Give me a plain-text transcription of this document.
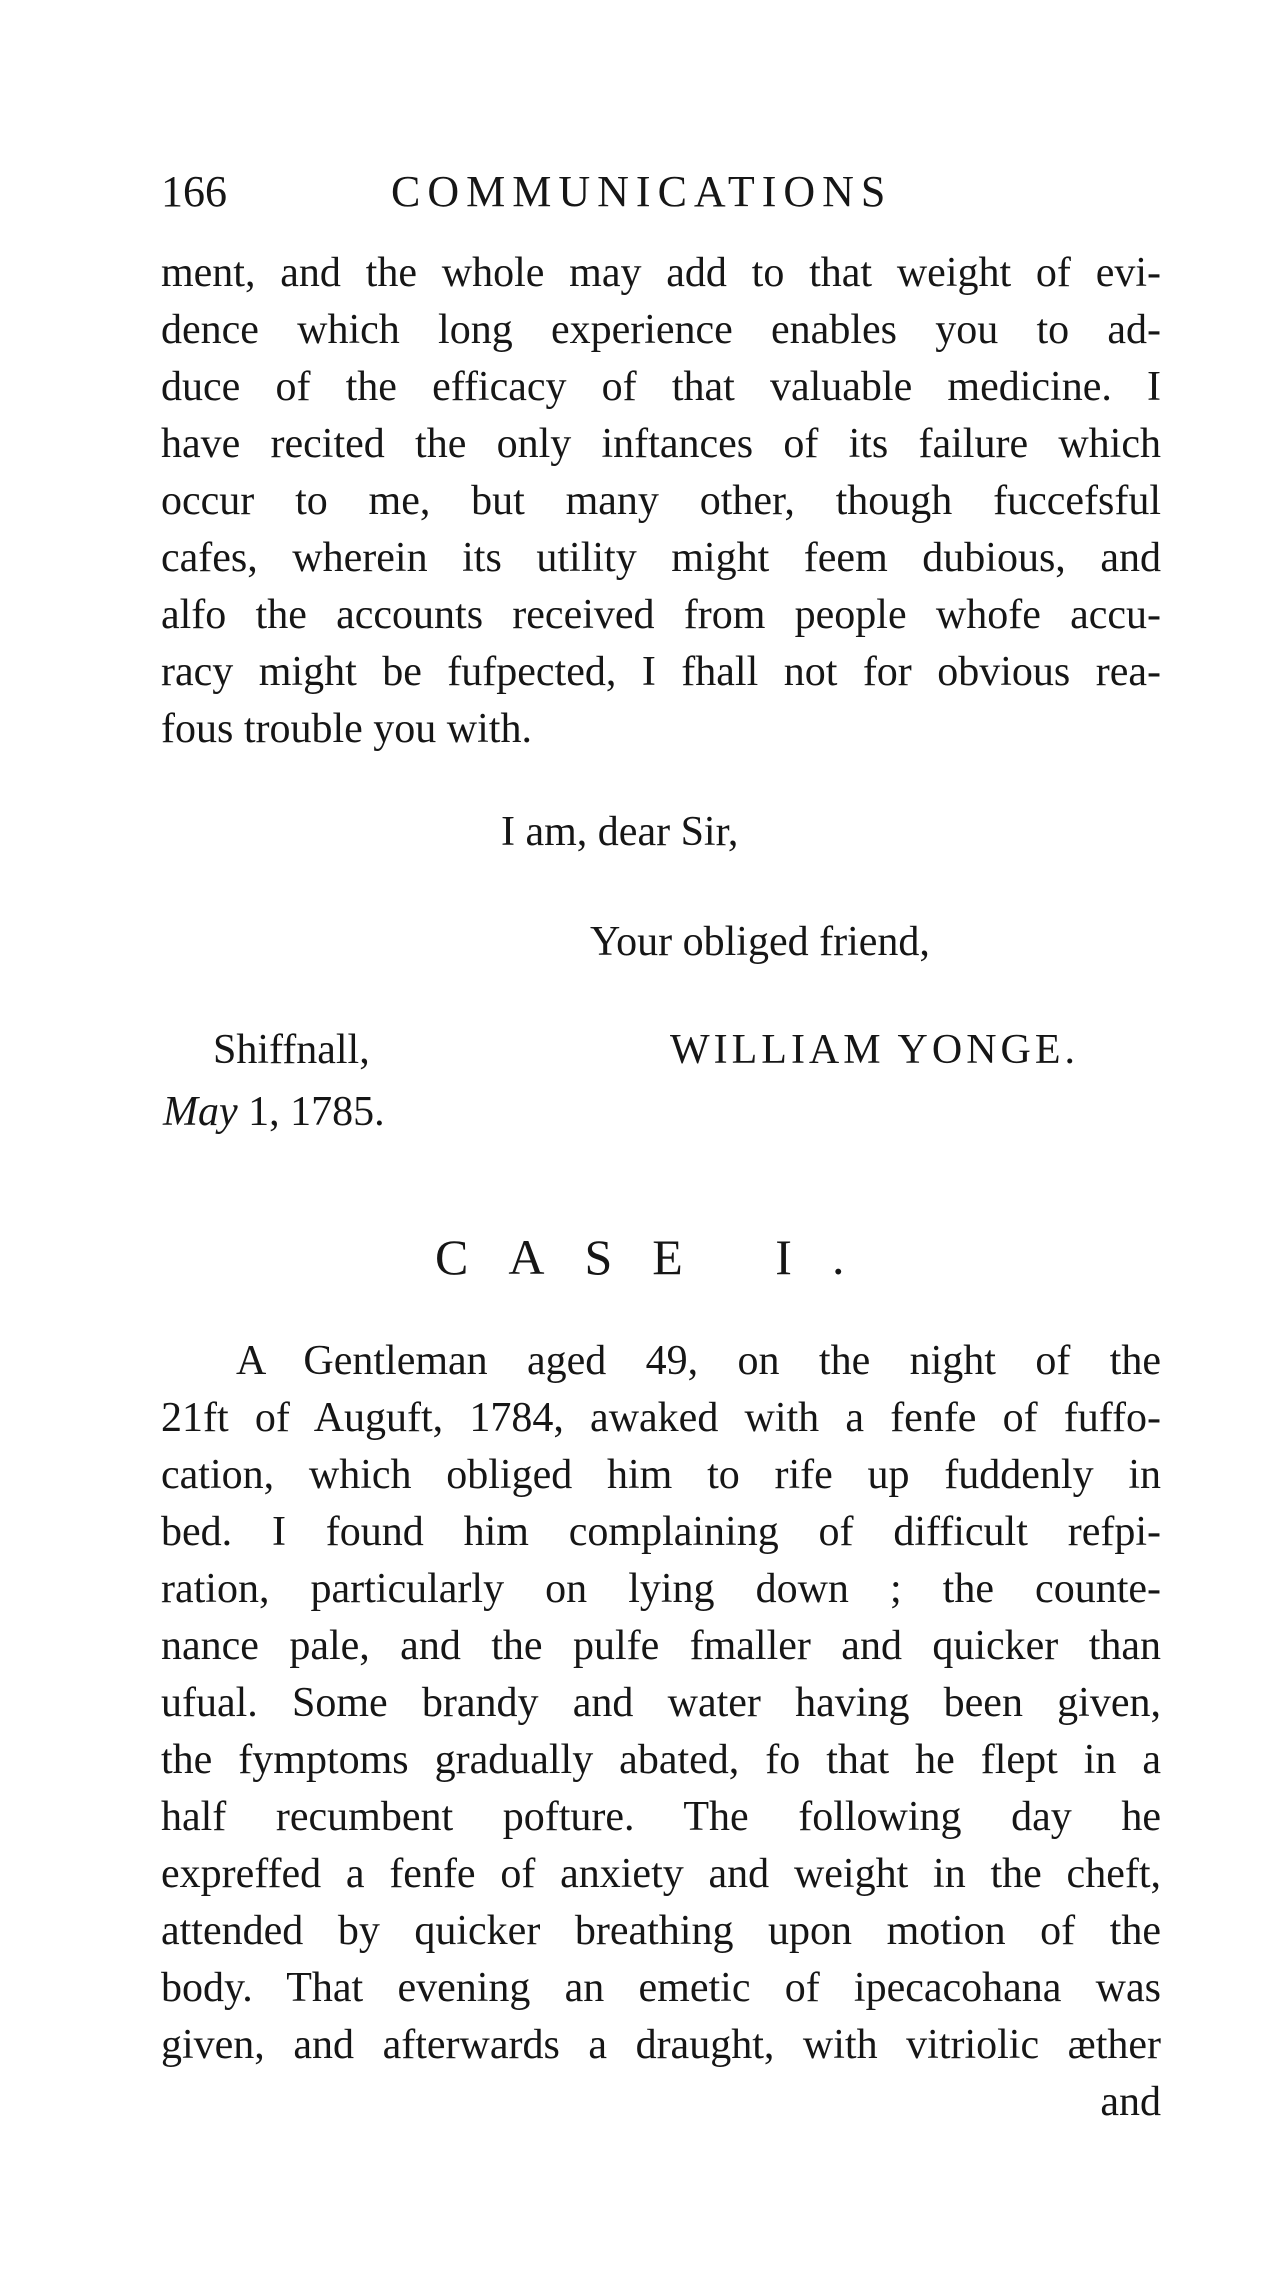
166	COMMUNICATIONS
ment, and the whole may add to that weight of evi-
dence which long experience enables you to ad-
duce of the efficacy of that valuable medicine. I
have recited the only inftances of its failure which
occur to me, but many other, though fuccefsful
cafes, wherein its utility might feem dubious, and
alfo the accounts received from people whofe accu-
racy might be fufpected, I fhall not for obvious rea-
fous trouble you with.
I am, dear Sir,
Your obliged friend,
Shiffnall,	WILLIAM YONGE.
May 1, 1785.
CASE I.
A Gentleman aged 49, on the night of the
21ft of Auguft, 1784, awaked with a fenfe of fuffo-
cation, which obliged him to rife up fuddenly in
bed. I found him complaining of difficult refpi-
ration, particularly on lying down ; the counte-
nance pale, and the pulfe fmaller and quicker than
ufual. Some brandy and water having been given,
the fymptoms gradually abated, fo that he flept in a
half recumbent pofture. The following day he
expreffed a fenfe of anxiety and weight in the cheft,
attended by quicker breathing upon motion of the
body. That evening an emetic of ipecacohana was
given, and afterwards a draught, with vitriolic æther
and
